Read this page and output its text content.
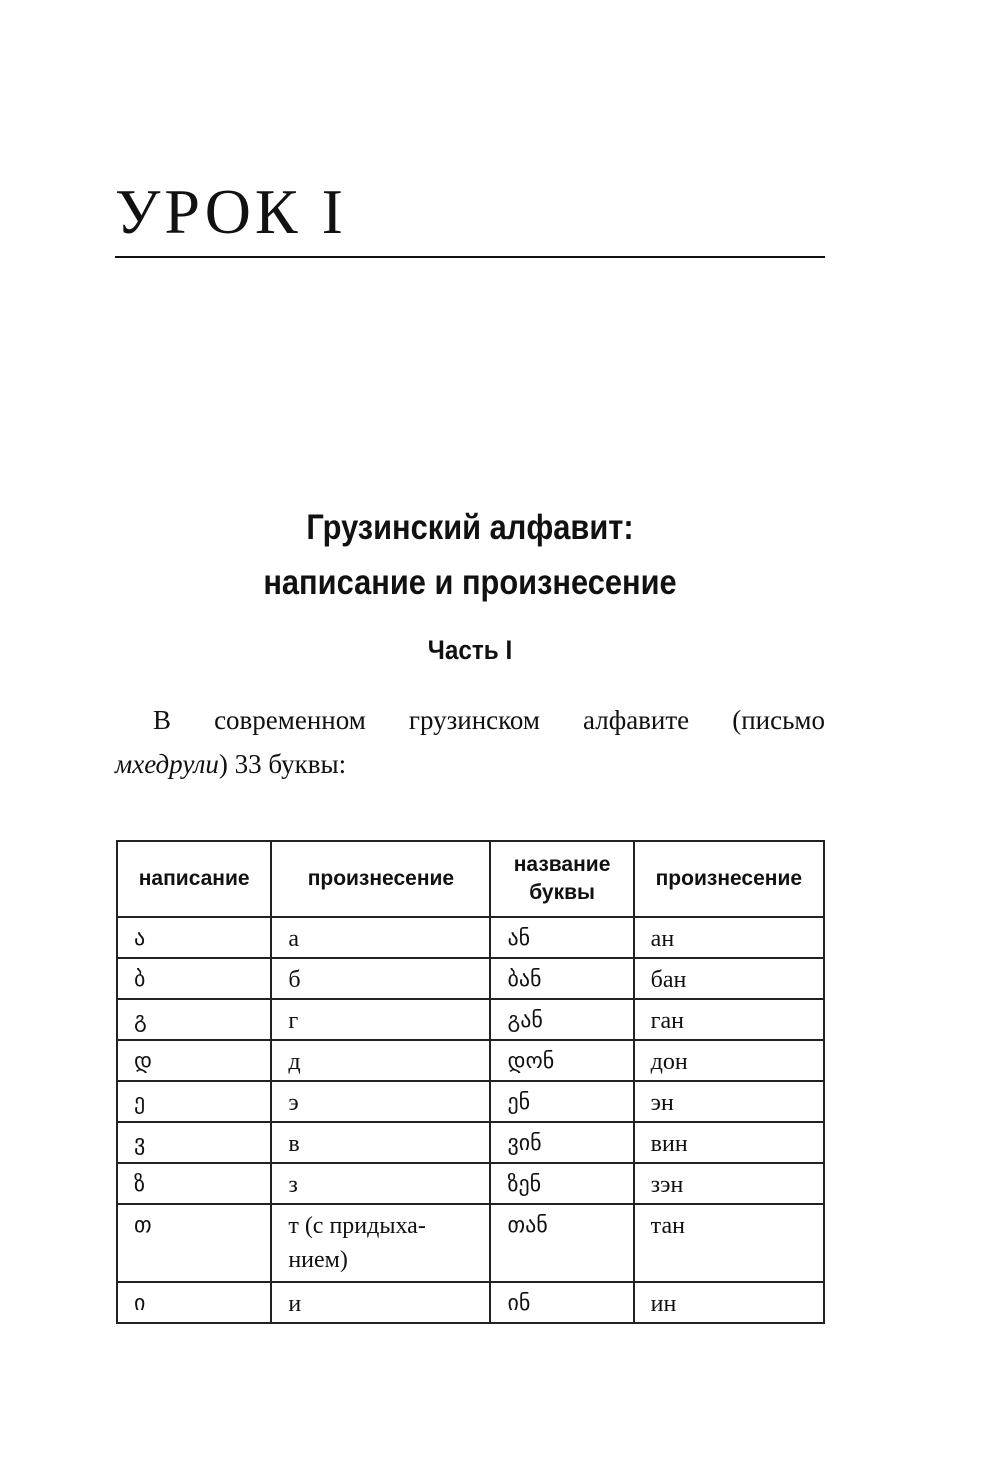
УРОК I
Грузинский алфавит:
написание и произнесение
Часть I
В современном грузинском алфавите (письмо
мхедрули) 33 буквы:
написание	произнесение	название
буквы	произнесение
ა	а	ან	ан
ბ	б	ბან	бан
გ	г	გან	ган
დ	д	დონ	дон
ე	э	ენ	эн
ვ	в	ვინ	вин
ზ	з	ზენ	зэн
თ	т (с придыха-
нием)	თან	тан
ი	и	ინ	ин
